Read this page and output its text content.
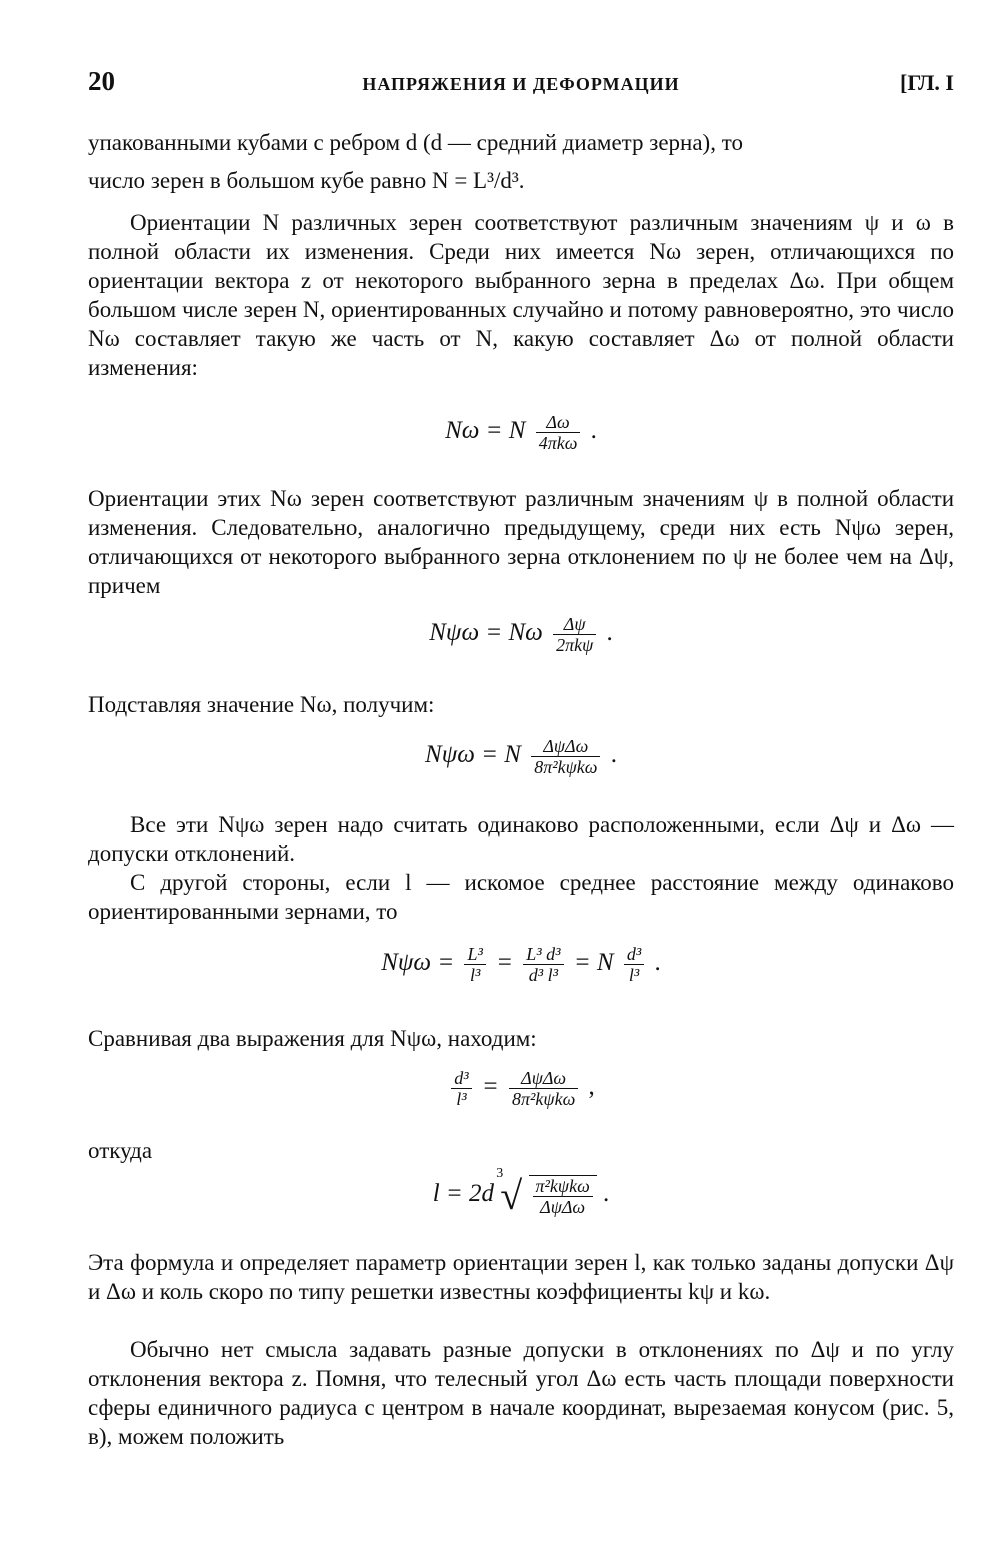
20	НАПРЯЖЕНИЯ И ДЕФОРМАЦИИ	[ГЛ. I
упакованными кубами с ребром d (d — средний диаметр зерна), то
число зерен в большом кубе равно N = L³/d³.
Ориентации N различных зерен соответствуют различным значениям ψ и ω в полной области их изменения. Среди них имеется Nω зерен, отличающихся по ориентации вектора z от некоторого выбранного зерна в пределах Δω. При общем большом числе зерен N, ориентированных случайно и потому равновероятно, это число Nω составляет такую же часть от N, какую составляет Δω от полной области изменения:
Nω = N $\frac{\Delta\omega}{\text{4πkω}}$ .
Ориентации этих Nω зерен соответствуют различным значениям ψ в полной области изменения. Следовательно, аналогично предыдущему, среди них есть Nψω зерен, отличающихся от некоторого выбранного зерна отклонением по ψ не более чем на Δψ, причем
Nψω = Nω $\frac{\Delta\psi}{\text{2πkψ}}$ .
Подставляя значение Nω, получим:
Nψω = N $\frac{\text{ΔψΔω}}{\text{8π²kψkω}}$ .
Все эти Nψω зерен надо считать одинаково расположенными, если Δψ и Δω — допуски отклонений.
С другой стороны, если l — искомое среднее расстояние между одинаково ориентированными зернами, то
$N\psi\omega = \frac{\text{L³}}{\text{l³}} = \frac{\text{L³ d³}}{\text{d³ l³}} = N \frac{\text{d³}}{\text{l³}}$ .
Сравнивая два выражения для Nψω, находим:
$\frac{\text{d³}}{\text{l³}} = \frac{\text{ΔψΔω}}{\text{8π²kψkω}}$ ,
откуда
l = 2d
3
√ $\frac{\text{π²kψkω}}{\text{ΔψΔω}}$ .
Эта формула и определяет параметр ориентации зерен l, как только заданы допуски Δψ и Δω и коль скоро по типу решетки известны коэффициенты kψ и kω.
Обычно нет смысла задавать разные допуски в отклонениях по Δψ и по углу отклонения вектора z. Помня, что телесный угол Δω есть часть площади поверхности сферы единичного радиуса с центром в начале координат, вырезаемая конусом (рис. 5, в), можем положить
